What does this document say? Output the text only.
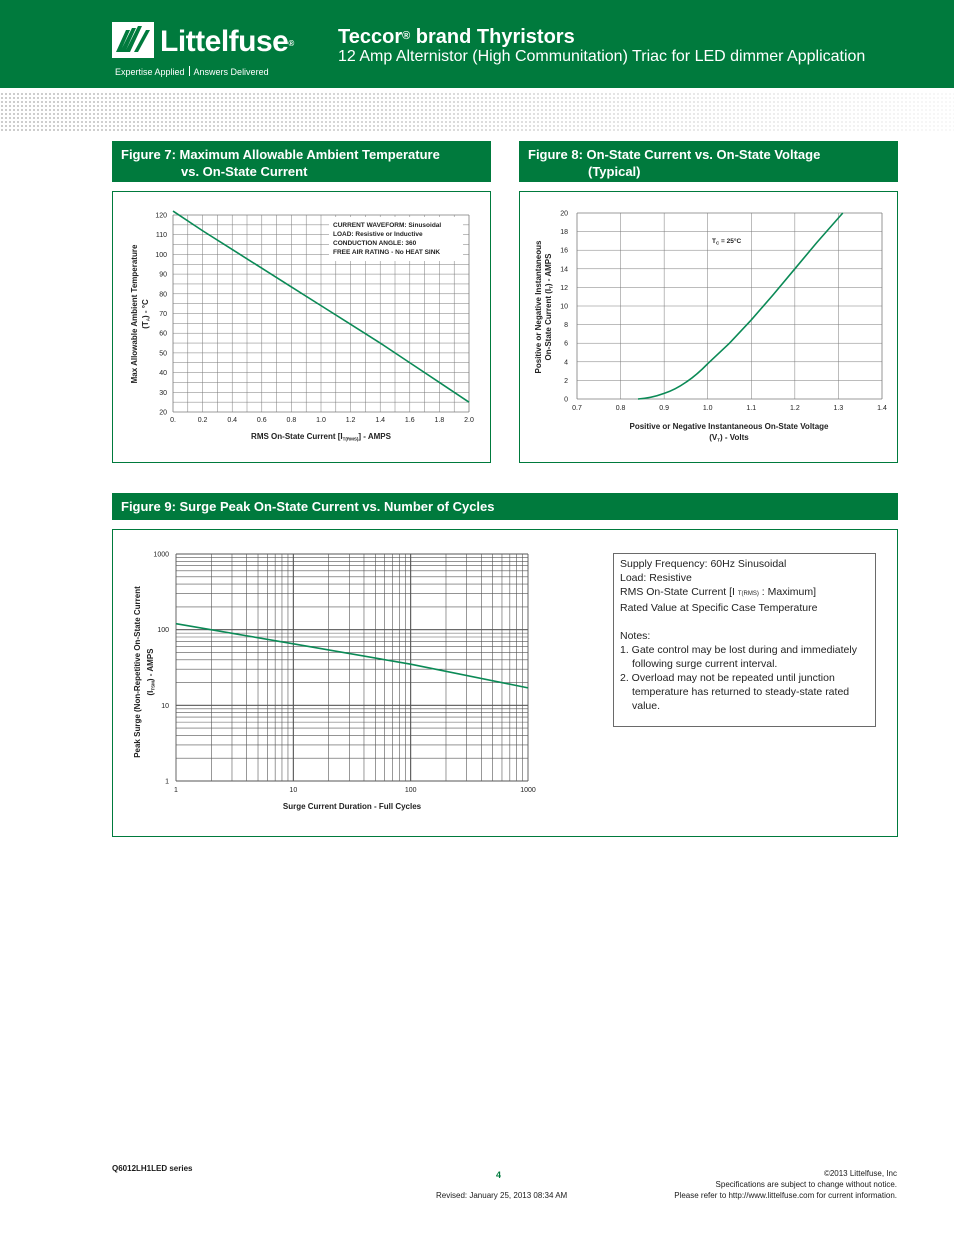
Littelfuse®
Expertise Applied Answers Delivered
Teccor® brand Thyristors
12 Amp Alternistor (High Communitation) Triac for LED dimmer Application
Figure 7: Maximum Allowable Ambient Temperature
vs. On-State Current
0.	0.2	0.4	0.6	0.8	1.0	1.2	1.4	1.6	1.8	2.0
20
30
40
50
60
70
80
90
100
110
120
CURRENT WAVEFORM: Sinusoidal
LOAD: Resistive or Inductive
CONDUCTION ANGLE: 360
FREE AIR RATING - No HEAT SINK
RMS On-State Current [IT(RMS)] - AMPS
Max Allowable Ambient Temperature (TA) - °C
Figure 8: On-State Current vs. On-State Voltage
(Typical)
0.7	0.8	0.9	1.0	1.1	1.2	1.3	1.4
0
2
4
6
8
10
12
14
16
18
20
$T_C = 25^\circ C$
Positive or Negative Instantaneous On-State Voltage
(VT) - Volts
Positive or Negative Instantaneous On-State Current (IT) - AMPS
Figure 9: Surge Peak On-State Current vs. Number of Cycles
1	10	100	1000
1
10
100
1000
Surge Current Duration - Full Cycles
Peak Surge (Non-Repetitive On-State Current (ITSM) - AMPS
Supply Frequency: 60Hz Sinusoidal
Load: Resistive
RMS On-State Current [I T(RMS) : Maximum]
Rated Value at Specific Case Temperature
Notes:
1. Gate control may be lost during and immediately following surge current interval.
2. Overload may not be repeated until junction temperature has returned to steady-state rated value.
Q6012LH1LED series
4
Revised: January 25, 2013 08:34 AM
©2013 Littelfuse, Inc
Specifications are subject to change without notice.
Please refer to http://www.littelfuse.com for current information.
